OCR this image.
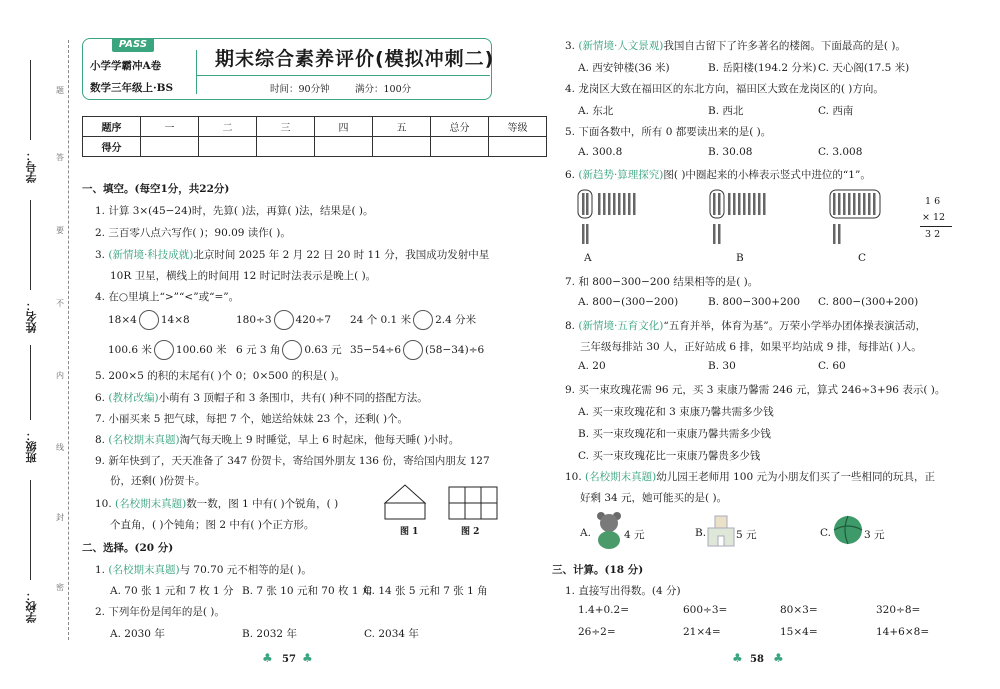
题
答
要
不
内
线
封
密
学号：
姓名：
班级：
学校：
PASS
小学学霸冲A卷
数学三年级上·BS
期末综合素养评价(模拟冲刺二)
时间：90分钟	满分：100分
题序	一	二	三	四	五	总分	等级
得分							
一、填空。(每空1分，共22分)
1. 计算 3×(45−24)时，先算( )法，再算( )法，结果是( )。
2. 三百零八点六写作( )；90.09 读作( )。
3. (新情境·科技成就)北京时间 2025 年 2 月 22 日 20 时 11 分，我国成功发射中星
10R 卫星，横线上的时间用 12 时记时法表示是晚上( )。
4. 在○里填上“>”“<”或“=”。
18×4 14×8	180÷3 420÷7 24 个 0.1 米 2.4 分米
100.6 米 100.60 米 6 元 3 角 0.63 元 35−54÷6 (58−34)÷6
5. 200×5 的积的末尾有( )个 0；0×500 的积是( )。
6. (教材改编)小萌有 3 顶帽子和 3 条围巾，共有( )种不同的搭配方法。
7. 小丽买来 5 把气球，每把 7 个，她送给妹妹 23 个，还剩( )个。
8. (名校期末真题)淘气每天晚上 9 时睡觉，早上 6 时起床，他每天睡( )小时。
9. 新年快到了，天天准备了 347 份贺卡，寄给国外朋友 136 份，寄给国内朋友 127
份，还剩( )份贺卡。
10. (名校期末真题)数一数，图 1 中有( )个锐角，( )
个直角，( )个钝角；图 2 中有( )个正方形。
图 1	图 2
二、选择。(20 分)
1. (名校期末真题)与 70.70 元不相等的是( )。
A. 70 张 1 元和 7 枚 1 分 B. 7 张 10 元和 70 枚 1 角
C. 14 张 5 元和 7 张 1 角
2. 下列年份是闰年的是( )。
A. 2030 年	B. 2032 年	C. 2034 年
57
♣ ♣
3. (新情境·人文景观)我国自古留下了许多著名的楼阁。下面最高的是( )。
A. 西安钟楼(36 米)	B. 岳阳楼(194.2 分米) C. 天心阁(17.5 米)
4. 龙岗区大致在福田区的东北方向，福田区大致在龙岗区的( )方向。
A. 东北	B. 西北	C. 西南
5. 下面各数中，所有 0 都要读出来的是( )。
A. 300.8	B. 30.08	C. 3.008
6. (新趋势·算理探究)图( )中圈起来的小棒表示竖式中进位的“1”。
A	B	C
1 6
× 12
3 2
7. 和 800−300−200 结果相等的是( )。
A. 800−(300−200)	B. 800−300+200 C. 800−(300+200)
8. (新情境·五育文化)“五育并举，体育为基”。万荣小学举办团体操表演活动，
三年级每排站 30 人，正好站成 6 排，如果平均站成 9 排，每排站( )人。
A. 20	B. 30	C. 60
9. 买一束玫瑰花需 96 元，买 3 束康乃馨需 246 元，算式 246÷3+96 表示( )。
A. 买一束玫瑰花和 3 束康乃馨共需多少钱
B. 买一束玫瑰花和一束康乃馨共需多少钱
C. 买一束玫瑰花比一束康乃馨贵多少钱
10. (名校期末真题)幼儿园王老师用 100 元为小朋友们买了一些相同的玩具，正
好剩 34 元，她可能买的是( )。
A.	4 元	B.	5 元	C.	3 元
三、计算。(18 分)
1. 直接写出得数。(4 分)
1.4+0.2=	600÷3=	80×3=	320÷8=
26÷2=	21×4=	15×4=	14+6×8=
58
♣	♣
